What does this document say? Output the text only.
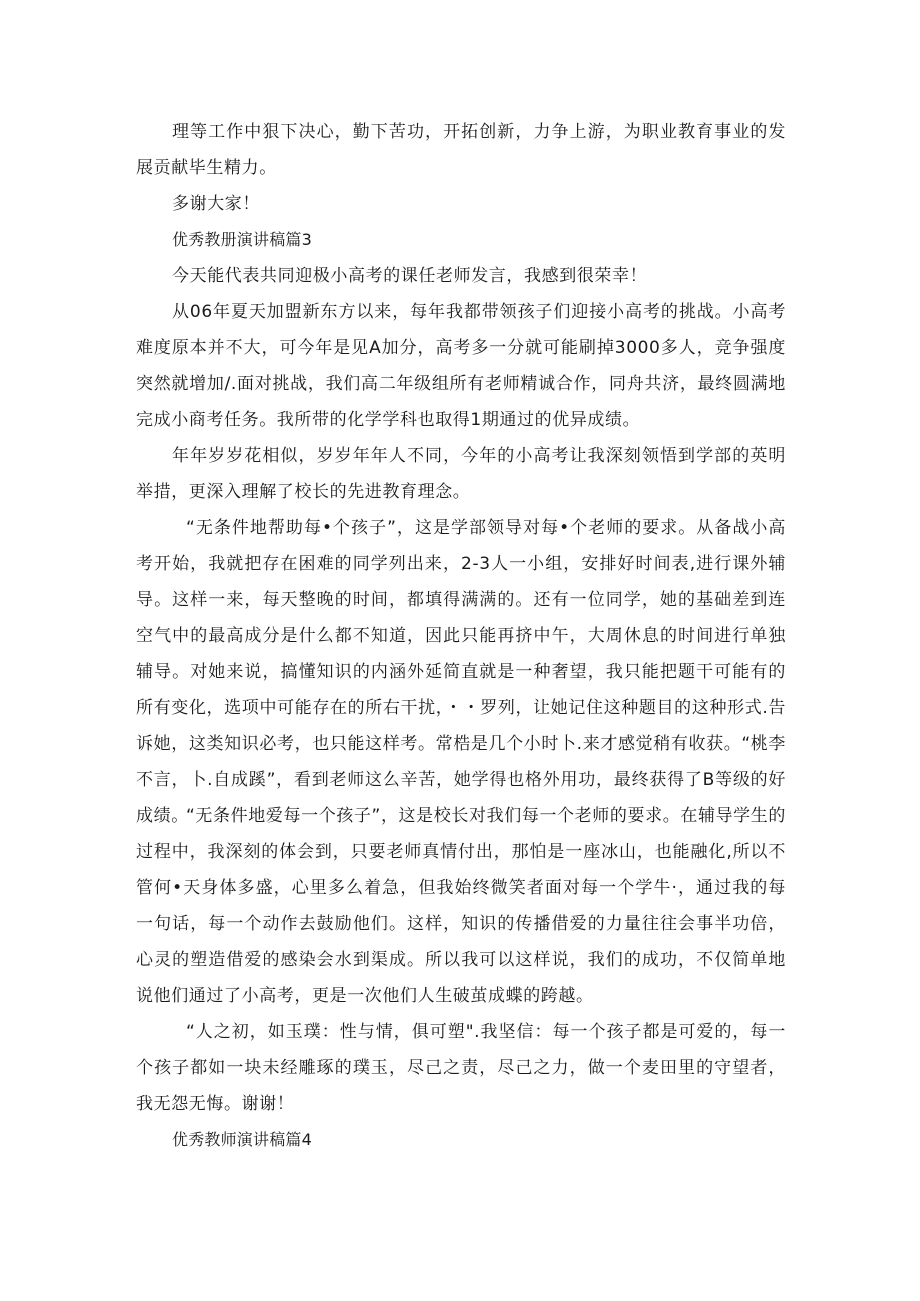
理等工作中狠下决心，勤下苦功，开拓创新，力争上游，为职业教育事业的发展贡献毕生精力。

多谢大家！

优秀教册演讲稿篇3

今天能代表共同迎极小高考的课任老师发言，我感到很荣幸！

从06年夏天加盟新东方以来，每年我都带领孩子们迎接小高考的挑战。小高考难度原本并不大，可今年是见A加分，高考多一分就可能刷掉3000多人，竞争强度突然就增加/.面对挑战，我们高二年级组所有老师精诚合作，同舟共济，最终圆满地完成小商考任务。我所带的化学学科也取得1期通过的优异成绩。

年年岁岁花相似，岁岁年年人不同，今年的小高考让我深刻领悟到学部的英明举措，更深入理解了校长的先进教育理念。

“无条件地帮助每•个孩子”，这是学部领导对每•个老师的要求。从备战小高考开始，我就把存在困难的同学列出来，2-3人一小组，安排好时间表,进行课外辅导。这样一来，每天整晚的时间，都填得满满的。还有一位同学，她的基础差到连空气中的最高成分是什么都不知道，因此只能再挤中午，大周休息的时间进行单独辅导。对她来说，搞懂知识的内涵外延简直就是一种奢望，我只能把题干可能有的所有变化，选项中可能存在的所右干扰，・・罗列，让她记住这种题目的这种形式.告诉她，这类知识必考，也只能这样考。常梏是几个小时卜.来才感觉稍有收获。“桃李不言，卜.自成蹊”，看到老师这么辛苦，她学得也格外用功，最终获得了B等级的好成绩。

“无条件地爱每一个孩子”，这是校长对我们每一个老师的要求。在辅导学生的过程中，我深刻的体会到，只要老师真情付出，那怕是一座冰山，也能融化,所以不管何•天身体多盛，心里多么着急，但我始终微笑者面对每一个学牛·，通过我的每一句话，每一个动作去鼓励他们。这样，知识的传播借爱的力量往往会事半功倍，心灵的塑造借爱的感染会水到渠成。所以我可以这样说，我们的成功，不仅简单地说他们通过了小高考，更是一次他们人生破茧成蝶的跨越。

“人之初，如玉璞：性与情，俱可塑".我坚信：每一个孩子都是可爱的，每一个孩子都如一块未经雕琢的璞玉，尽己之责，尽己之力，做一个麦田里的守望者，我无怨无悔。谢谢！

优秀教师演讲稿篇4
